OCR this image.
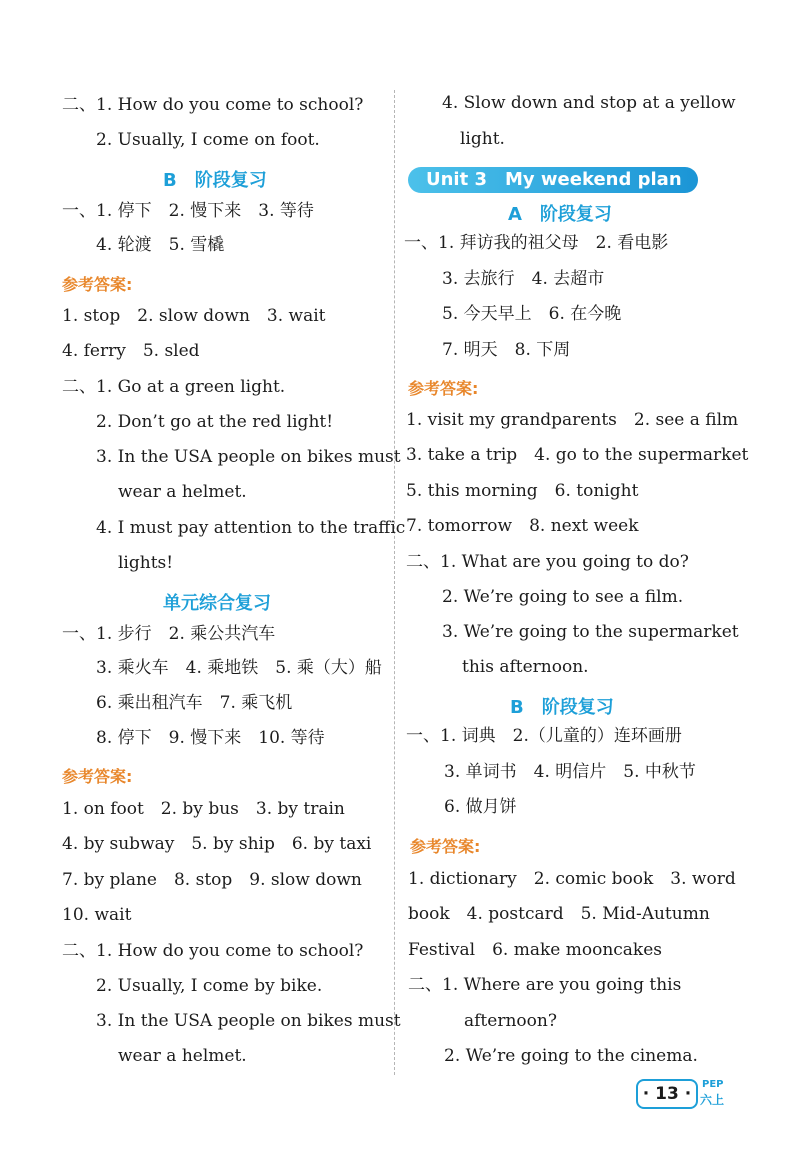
二、1. How do you come to school?
2. Usually, I come on foot.
B　阶段复习
一、1. 停下　2. 慢下来　3. 等待
4. 轮渡　5. 雪橇
参考答案:
1. stop　2. slow down　3. wait
4. ferry　5. sled
二、1. Go at a green light.
2. Don’t go at the red light!
3. In the USA people on bikes must
wear a helmet.
4. I must pay attention to the traffic
lights!
单元综合复习
一、1. 步行　2. 乘公共汽车
3. 乘火车　4. 乘地铁　5. 乘（大）船
6. 乘出租汽车　7. 乘飞机
8. 停下　9. 慢下来　10. 等待
参考答案:
1. on foot　2. by bus　3. by train
4. by subway　5. by ship　6. by taxi
7. by plane　8. stop　9. slow down
10. wait
二、1. How do you come to school?
2. Usually, I come by bike.
3. In the USA people on bikes must
wear a helmet.
Unit 3　My weekend plan
4. Slow down and stop at a yellow
light.
A　阶段复习
一、1. 拜访我的祖父母　2. 看电影
3. 去旅行　4. 去超市
5. 今天早上　6. 在今晚
7. 明天　8. 下周
参考答案:
1. visit my grandparents　2. see a film
3. take a trip　4. go to the supermarket
5. this morning　6. tonight
7. tomorrow　8. next week
二、1. What are you going to do?
2. We’re going to see a film.
3. We’re going to the supermarket
this afternoon.
B　阶段复习
一、1. 词典　2.（儿童的）连环画册
3. 单词书　4. 明信片　5. 中秋节
6. 做月饼
参考答案:
1. dictionary　2. comic book　3. word
book　4. postcard　5. Mid-Autumn
Festival　6. make mooncakes
二、1. Where are you going this
afternoon?
2. We’re going to the cinema.
· 13 ·	PEP
六上
